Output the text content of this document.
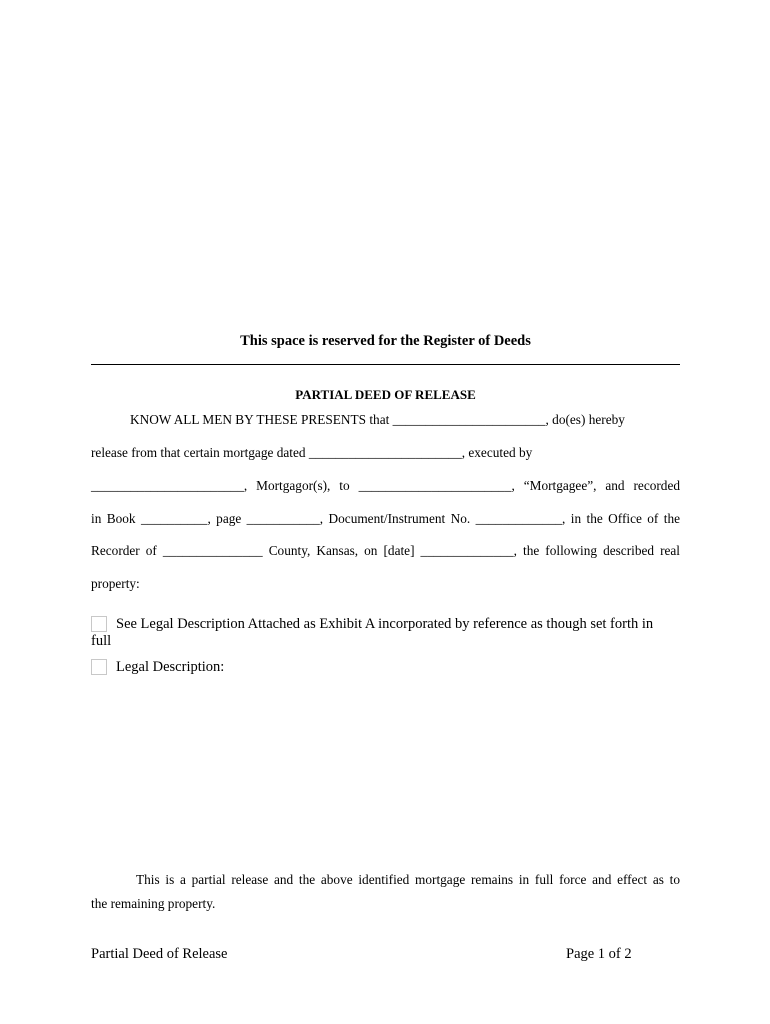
This space is reserved for the Register of Deeds
PARTIAL DEED OF RELEASE
KNOW ALL MEN BY THESE PRESENTS that _______________________, do(es) hereby
release from that certain mortgage dated _______________________, executed by
_______________________, Mortgagor(s), to _______________________, “Mortgagee”, and recorded
in Book __________, page ___________, Document/Instrument No. _____________, in the Office of the
Recorder of _______________ County, Kansas, on [date] ______________, the following described real
property:
See Legal Description Attached as Exhibit A incorporated by reference as though set forth in
full
Legal Description:
This is a partial release and the above identified mortgage remains in full force and effect as to
the remaining property.
Partial Deed of Release	Page 1 of 2
